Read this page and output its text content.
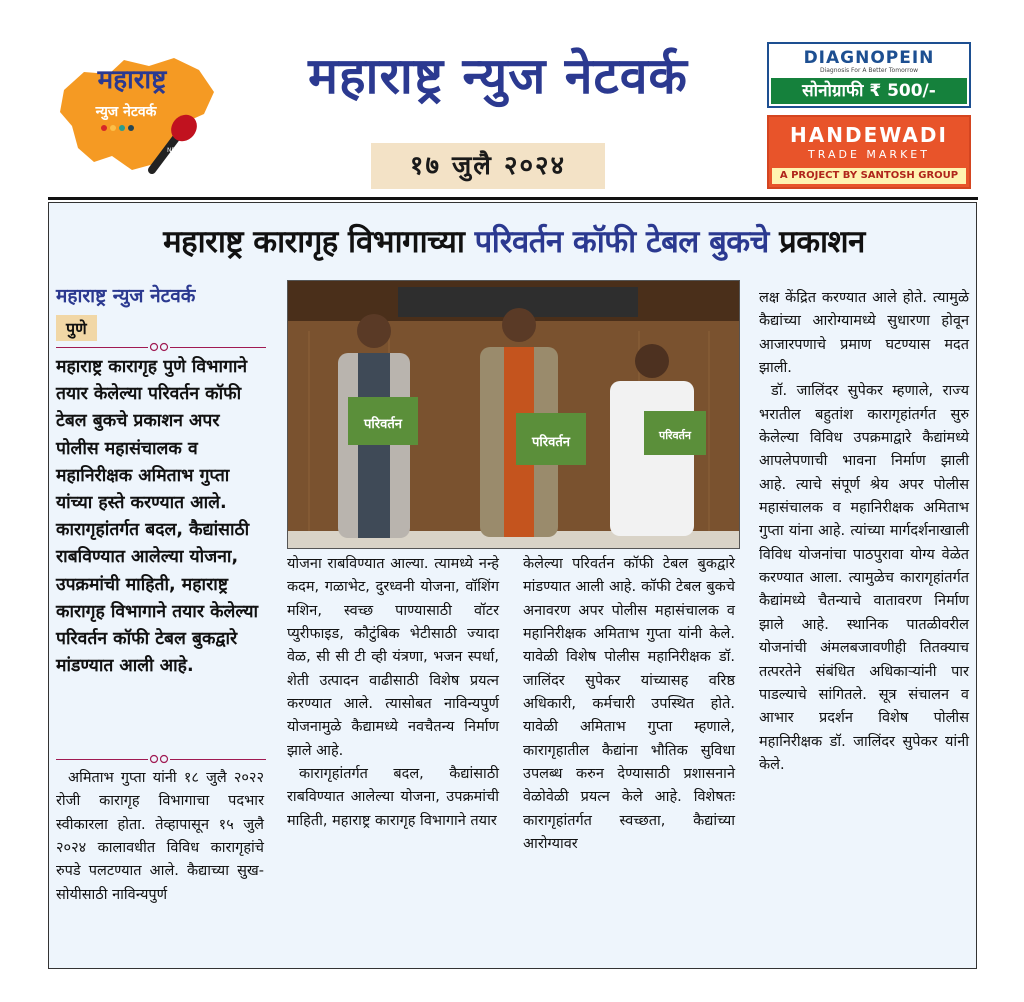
महाराष्ट्र
न्युज नेटवर्क
NEWS
महाराष्ट्र न्युज नेटवर्क
१७ जुलै २०२४
DIAGNOPEIN
Diagnosis For A Better Tomorrow
सोनोग्राफी ₹ 500/-
HANDEWADI
TRADE MARKET
A PROJECT BY SANTOSH GROUP
महाराष्ट्र कारागृह विभागाच्या परिवर्तन कॉफी टेबल बुकचे प्रकाशन
महाराष्ट्र न्युज नेटवर्क
पुणे
महाराष्ट्र कारागृह पुणे विभागाने तयार केलेल्या परिवर्तन कॉफी टेबल बुकचे प्रकाशन अपर पोलीस महासंचालक व महानिरीक्षक अमिताभ गुप्ता यांच्या हस्ते करण्यात आले. कारागृहांतर्गत बदल, कैद्यांसाठी राबविण्यात आलेल्या योजना, उपक्रमांची माहिती, महाराष्ट्र कारागृह विभागाने तयार केलेल्या परिवर्तन कॉफी टेबल बुकद्वारे मांडण्यात आली आहे.

अमिताभ गुप्ता यांनी १८ जुलै २०२२ रोजी कारागृह विभागाचा पदभार स्वीकारला होता. तेव्हापासून १५ जुलै २०२४ कालावधीत विविध कारागृहांचे रुपडे पलटण्यात आले. कैद्याच्या सुख-सोयीसाठी नाविन्यपुर्ण

योजना राबविण्यात आल्या. त्यामध्ये नन्हे कदम, गळाभेट, दुरध्वनी योजना, वॉशिंग मशिन, स्वच्छ पाण्यासाठी वॉटर प्युरीफाइड, कौटुंबिक भेटीसाठी ज्यादा वेळ, सी सी टी व्ही यंत्रणा, भजन स्पर्धा, शेती उत्पादन वाढीसाठी विशेष प्रयत्न करण्यात आले. त्यासोबत नाविन्यपुर्ण योजनामुळे कैद्यामध्ये नवचैतन्य निर्माण झाले आहे.

कारागृहांतर्गत बदल, कैद्यांसाठी राबविण्यात आलेल्या योजना, उपक्रमांची माहिती, महाराष्ट्र कारागृह विभागाने तयार

केलेल्या परिवर्तन कॉफी टेबल बुकद्वारे मांडण्यात आली आहे. कॉफी टेबल बुकचे अनावरण अपर पोलीस महासंचालक व महानिरीक्षक अमिताभ गुप्ता यांनी केले. यावेळी विशेष पोलीस महानिरीक्षक डॉ. जालिंदर सुपेकर यांच्यासह वरिष्ठ अधिकारी, कर्मचारी उपस्थित होते. यावेळी अमिताभ गुप्ता म्हणाले, कारागृहातील कैद्यांना भौतिक सुविधा उपलब्ध करुन देण्यासाठी प्रशासनाने वेळोवेळी प्रयत्न केले आहे. विशेषतः कारागृहांतर्गत स्वच्छता, कैद्यांच्या आरोग्यावर

लक्ष केंद्रित करण्यात आले होते. त्यामुळे कैद्यांच्या आरोग्यामध्ये सुधारणा होवून आजारपणाचे प्रमाण घटण्यास मदत झाली.

डॉ. जालिंदर सुपेकर म्हणाले, राज्य भरातील बहुतांश कारागृहांतर्गत सुरु केलेल्या विविध उपक्रमाद्वारे कैद्यांमध्ये आपलेपणाची भावना निर्माण झाली आहे. त्याचे संपूर्ण श्रेय अपर पोलीस महासंचालक व महानिरीक्षक अमिताभ गुप्ता यांना आहे. त्यांच्या मार्गदर्शनाखाली विविध योजनांचा पाठपुरावा योग्य वेळेत करण्यात आला. त्यामुळेच कारागृहांतर्गत कैद्यांमध्ये चैतन्याचे वातावरण निर्माण झाले आहे. स्थानिक पातळीवरील योजनांची अंमलबजावणीही तितक्याच तत्परतेने संबंधित अधिकाऱ्यांनी पार पाडल्याचे सांगितले. सूत्र संचालन व आभार प्रदर्शन विशेष पोलीस महानिरीक्षक डॉ. जालिंदर सुपेकर यांनी केले.

परिवर्तन
परिवर्तन	परिवर्तन
